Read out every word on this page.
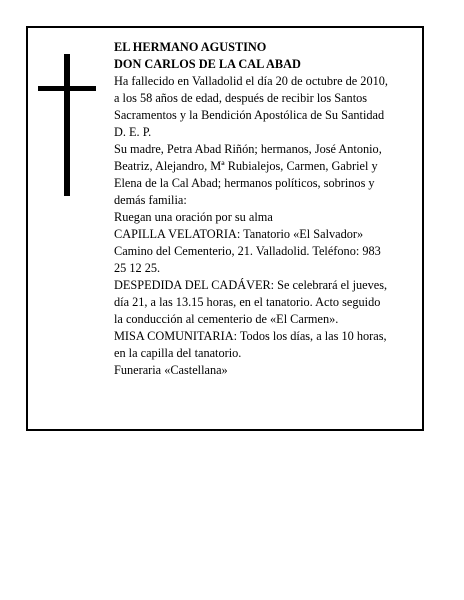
EL HERMANO AGUSTINO
DON CARLOS DE LA CAL ABAD
Ha fallecido en Valladolid el día 20 de octubre de 2010,
a los 58 años de edad, después de recibir los Santos
Sacramentos y la Bendición Apostólica de Su Santidad
D. E. P.
Su madre, Petra Abad Riñón; hermanos, José Antonio,
Beatriz, Alejandro, Mª Rubialejos, Carmen, Gabriel y
Elena de la Cal Abad; hermanos políticos, sobrinos y
demás familia:
Ruegan una oración por su alma
CAPILLA VELATORIA: Tanatorio «El Salvador»
Camino del Cementerio, 21. Valladolid. Teléfono: 983
25 12 25.
DESPEDIDA DEL CADÁVER: Se celebrará el jueves,
día 21, a las 13.15 horas, en el tanatorio. Acto seguido
la conducción al cementerio de «El Carmen».
MISA COMUNITARIA: Todos los días, a las 10 horas,
en la capilla del tanatorio.
Funeraria «Castellana»
